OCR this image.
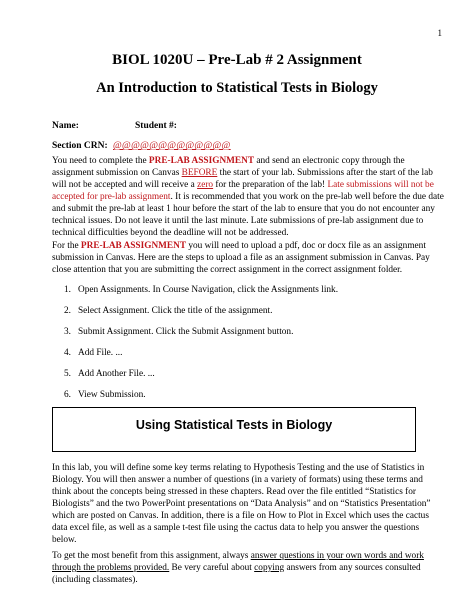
1
BIOL 1020U – Pre-Lab # 2 Assignment
An Introduction to Statistical Tests in Biology
Name:	Student #:
Section CRN: @@@@@@@@@@@@@
You need to complete the PRE-LAB ASSIGNMENT and send an electronic copy through the
assignment submission on Canvas BEFORE the start of your lab. Submissions after the start of the lab
will not be accepted and will receive a zero for the preparation of the lab! Late submissions will not be
accepted for pre-lab assignment. It is recommended that you work on the pre-lab well before the due date
and submit the pre-lab at least 1 hour before the start of the lab to ensure that you do not encounter any
technical issues. Do not leave it until the last minute. Late submissions of pre-lab assignment due to
technical difficulties beyond the deadline will not be addressed.
For the PRE-LAB ASSIGNMENT you will need to upload a pdf, doc or docx file as an assignment
submission in Canvas. Here are the steps to upload a file as an assignment submission in Canvas. Pay
close attention that you are submitting the correct assignment in the correct assignment folder.
1. Open Assignments. In Course Navigation, click the Assignments link.
2. Select Assignment. Click the title of the assignment.
3. Submit Assignment. Click the Submit Assignment button.
4. Add File. ...
5. Add Another File. ...
6. View Submission.
Using Statistical Tests in Biology
In this lab, you will define some key terms relating to Hypothesis Testing and the use of Statistics in
Biology. You will then answer a number of questions (in a variety of formats) using these terms and
think about the concepts being stressed in these chapters. Read over the file entitled “Statistics for
Biologists” and the two PowerPoint presentations on “Data Analysis” and on “Statistics Presentation”
which are posted on Canvas. In addition, there is a file on How to Plot in Excel which uses the cactus
data excel file, as well as a sample t-test file using the cactus data to help you answer the questions
below.
To get the most benefit from this assignment, always answer questions in your own words and work
through the problems provided. Be very careful about copying answers from any sources consulted
(including classmates).
